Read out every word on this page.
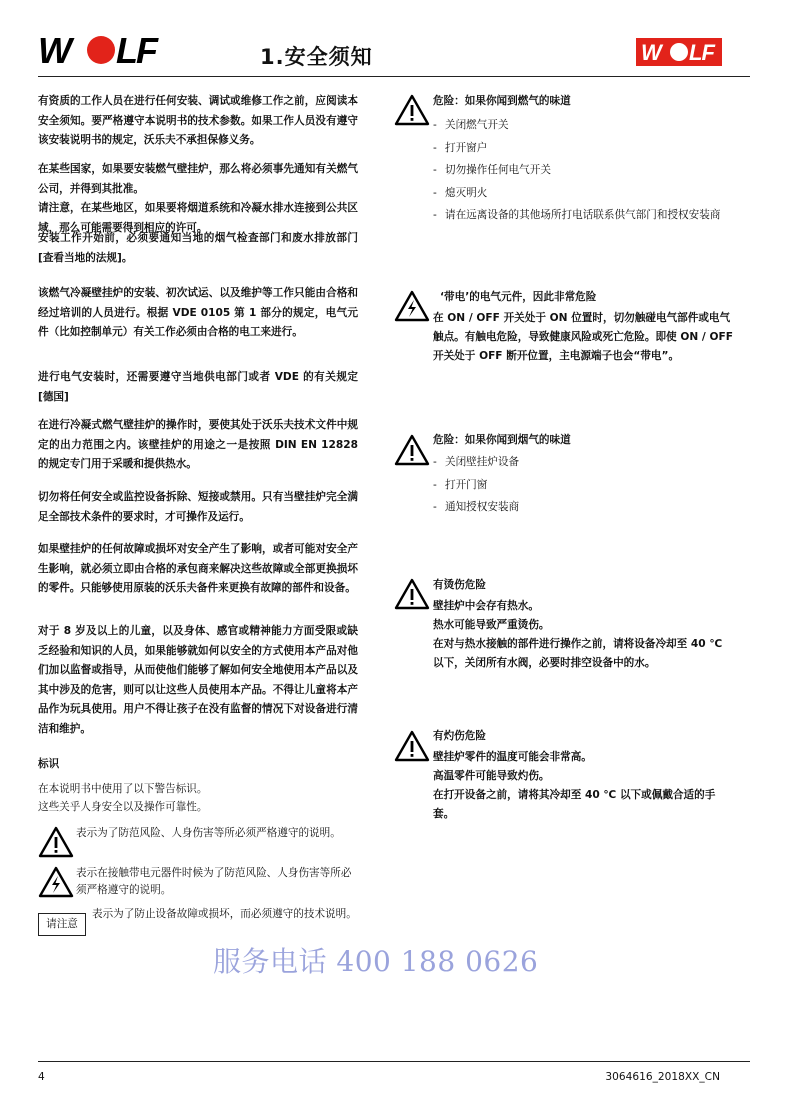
W LF	1.安全须知	W LF

有资质的工作人员在进行任何安装、调试或维修工作之前，应阅读本安全须知。要严格遵守本说明书的技术参数。如果工作人员没有遵守该安装说明书的规定，沃乐夫不承担保修义务。

在某些国家，如果要安装燃气壁挂炉，那么将必须事先通知有关燃气公司，并得到其批准。

请注意，在某些地区，如果要将烟道系统和冷凝水排水连接到公共区域，那么可能需要得到相应的许可。

安装工作开始前，必须要通知当地的烟气检查部门和废水排放部门[查看当地的法规]。

该燃气冷凝壁挂炉的安装、初次试运、以及维护等工作只能由合格和经过培训的人员进行。根据 VDE 0105 第 1 部分的规定，电气元件（比如控制单元）有关工作必须由合格的电工来进行。

进行电气安装时，还需要遵守当地供电部门或者 VDE 的有关规定[德国]

在进行冷凝式燃气壁挂炉的操作时，要使其处于沃乐夫技术文件中规定的出力范围之内。该壁挂炉的用途之一是按照 DIN EN 12828 的规定专门用于采暖和提供热水。

切勿将任何安全或监控设备拆除、短接或禁用。只有当壁挂炉完全满足全部技术条件的要求时，才可操作及运行。

如果壁挂炉的任何故障或损坏对安全产生了影响，或者可能对安全产生影响，就必须立即由合格的承包商来解决这些故障或全部更换损坏的零件。只能够使用原装的沃乐夫备件来更换有故障的部件和设备。

对于 8 岁及以上的儿童，以及身体、感官或精神能力方面受限或缺乏经验和知识的人员，如果能够就如何以安全的方式使用本产品对他们加以监督或指导，从而使他们能够了解如何安全地使用本产品以及其中涉及的危害，则可以让这些人员使用本产品。不得让儿童将本产品作为玩具使用。用户不得让孩子在没有监督的情况下对设备进行清洁和维护。

标识

在本说明书中使用了以下警告标识。

这些关乎人身安全以及操作可靠性。

表示为了防范风险、人身伤害等所必须严格遵守的说明。

表示在接触带电元器件时候为了防范风险、人身伤害等所必须严格遵守的说明。

请注意

表示为了防止设备故障或损坏，而必须遵守的技术说明。

危险：如果你闻到燃气的味道

- 关闭燃气开关
- 打开窗户
- 切勿操作任何电气开关
- 熄灭明火
- 请在远离设备的其他场所打电话联系供气部门和授权安装商

‘带电’的电气元件，因此非常危险

在 ON / OFF 开关处于 ON 位置时，切勿触碰电气部件或电气触点。有触电危险，导致健康风险或死亡危险。即使 ON / OFF 开关处于 OFF 断开位置，主电源端子也会“带电”。

危险：如果你闻到烟气的味道

- 关闭壁挂炉设备
- 打开门窗
- 通知授权安装商

有烫伤危险

壁挂炉中会存有热水。
热水可能导致严重烫伤。
在对与热水接触的部件进行操作之前，请将设备冷却至 40 ℃ 以下，关闭所有水阀，必要时排空设备中的水。

有灼伤危险

壁挂炉零件的温度可能会非常高。
高温零件可能导致灼伤。
在打开设备之前，请将其冷却至 40 ℃ 以下或佩戴合适的手套。

服务电话 400 188 0626
4	3064616_2018XX_CN
